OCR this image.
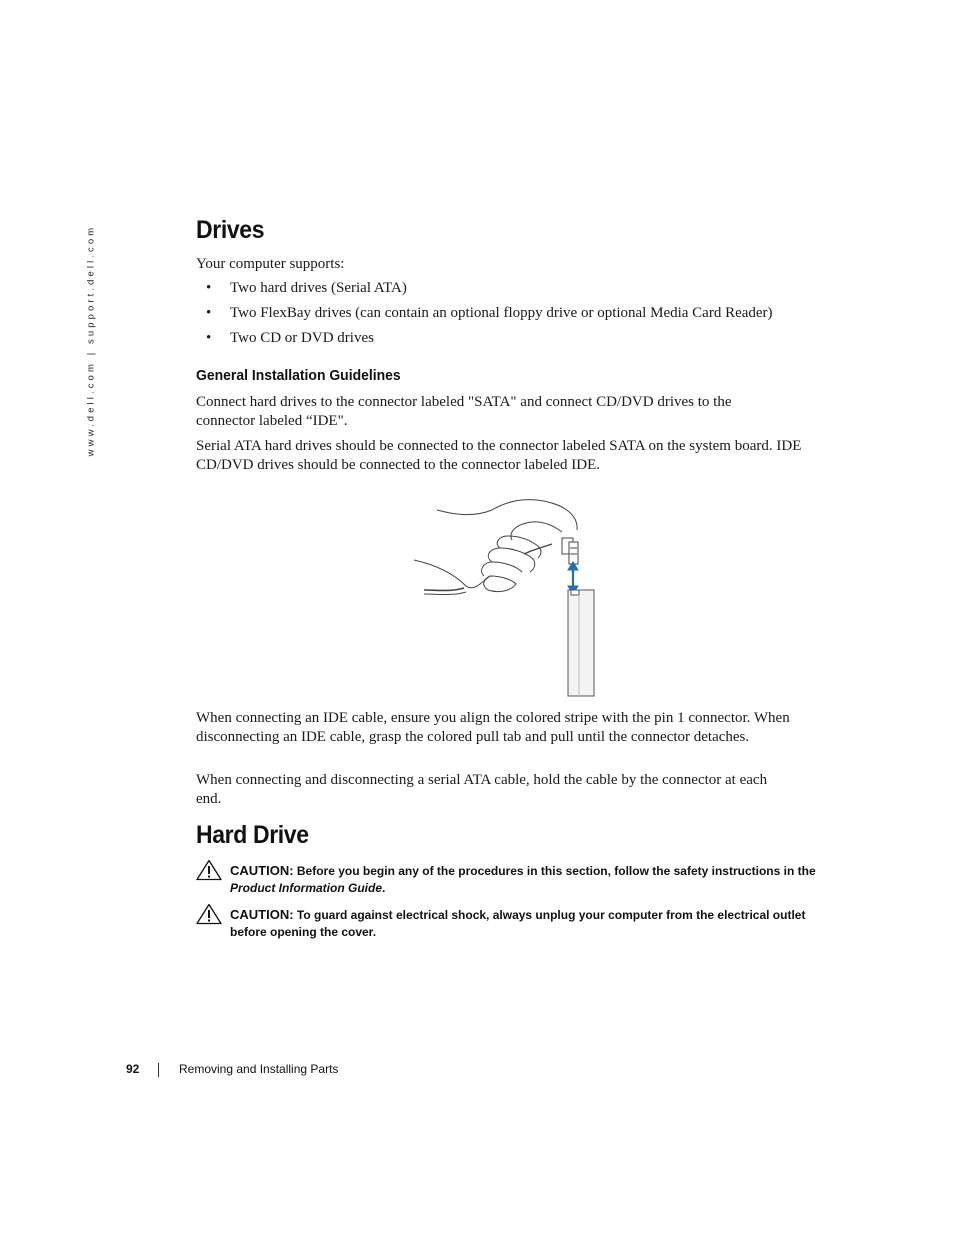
www.dell.com | support.dell.com	Drives

Your computer supports:

• Two hard drives (Serial ATA)
• Two FlexBay drives (can contain an optional floppy drive or optional Media Card Reader)
• Two CD or DVD drives
General Installation Guidelines

Connect hard drives to the connector labeled "SATA" and connect CD/DVD drives to the connector labeled “IDE".

Serial ATA hard drives should be connected to the connector labeled SATA on the system board. IDE CD/DVD drives should be connected to the connector labeled IDE.

When connecting an IDE cable, ensure you align the colored stripe with the pin 1 connector. When disconnecting an IDE cable, grasp the colored pull tab and pull until the connector detaches.

When connecting and disconnecting a serial ATA cable, hold the cable by the connector at each end.

Hard Drive
CAUTION: Before you begin any of the procedures in this section, follow the safety instructions in the Product Information Guide.
CAUTION: To guard against electrical shock, always unplug your computer from the electrical outlet before opening the cover.
92	Removing and Installing Parts
